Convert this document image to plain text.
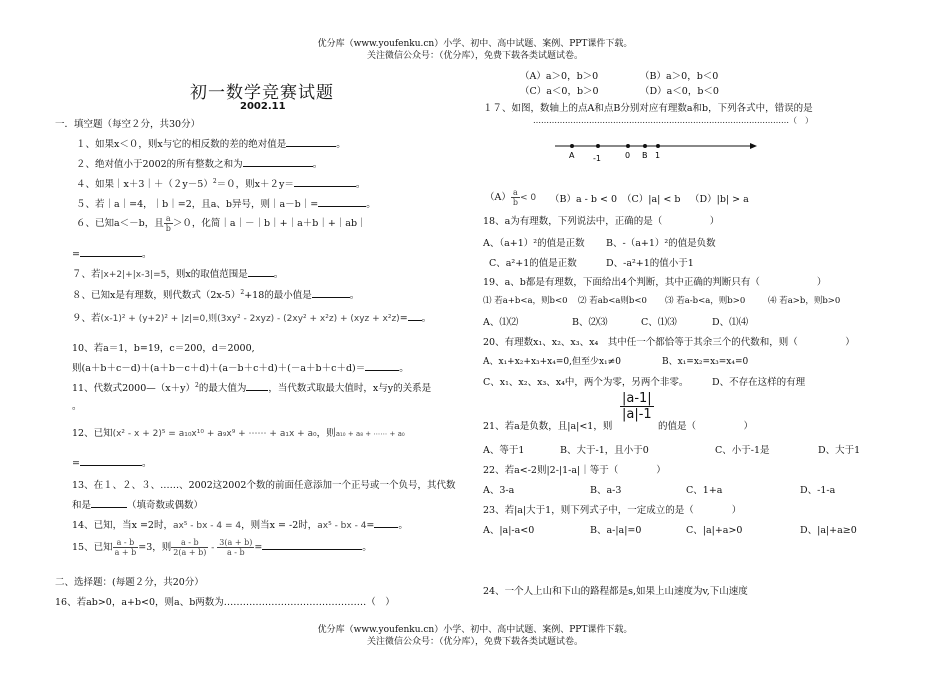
优分库（www.youfenku.cn）小学、初中、高中试题、案例、PPT课件下载。
关注微信公众号：（优分库），免费下载各类试题试卷。
初一数学竞赛试题
2002.11
一．填空题（每空２分，共30分）
１、如果x＜０，则x与它的相反数的差的绝对值是	。
２、绝对值小于2002的所有整数之和为	。
４、如果$|x+3|+(2y-5)^2=0$，则x＋２y＝	。
５、若｜a｜=4，｜b｜=2，且a、b异号，则｜a－b｜=	。
６、已知a＜－b，且 $\frac{a}{b} >0$，化简｜a｜－｜b｜+｜a＋b｜+｜ab｜
=	。
７、若|x+2|+|x-3|=5，则x的取值范围是	。
８、已知x是有理数，则代数式$(2x-5)^2+18$的最小值是	。
９、若(x-1)² + (y+2)² + |z|=0,则(3xy² - 2xyz) - (2xy² + x²z) + (xyz + x²z)= 。
10、若a＝1，b=19，c＝200，d＝2000,
则(a＋b＋c－d)＋(a＋b－c＋d)＋(a－b＋c＋d)＋(－a＋b＋c＋d)＝	。
11、代数式$2000—(x+y)^2$的最大值为 ，当代数式取最大值时，x与y的关系是
。
12、已知(x² - x + 2)⁵ = a₁₀x¹⁰ + a₉x⁹ + ⋯⋯ + a₁x + a₀，则a₁₀ + a₈ + ⋯⋯ + a₀
=	。
13、在１、２、３、……、2002这2002个数的前面任意添加一个正号或一个负号，其代数
和是	（填奇数或偶数）
14、已知，当x =2时，ax⁵ - bx - 4 = 4，则当x = -2时，ax⁵ - bx - 4=	。
15、已知 $\frac{a - b}{a + b} =3$，则 $\frac{a - b}{2(a + b)} - \frac{3(a + b)}{a - b}$ =	。
二、选择题：(每题２分，共20分）
16、若ab>0，a+b<0，则a、b两数为………………………………………（　）
（A）a＞0，b＞0	（B）a＞0，b＜0
（C）a＜0，b＞0	（D）a＜0，b＜0
１７、如图，数轴上的点A和点B分别对应有理数a和b，下列各式中，错误的是
……………………………………………………………………………………（　）
A -1	0 B 1
$(A) \frac{a}{b} < 0$ （B）a - b < 0 （C）|a| < b （D）|b| > a
18、a为有理数，下列说法中，正确的是（　　　　　）
A、（a+1）²的值是正数 B、-（a+1）²的值是负数
C、a²+1的值是正数	D、-a²+1的值小于1
19、a、b都是有理数，下面给出4个判断，其中正确的判断只有（　　　　　　）
⑴ 若a+b<a，则b<0 ⑵ 若ab<a则b<0 ⑶ 若a-b<a，则b>0	⑷ 若a>b，则b>0
A、⑴⑵	B、⑵⑶	C、⑴⑶	D、⑴⑷
20、有理数x₁、x₂、x₃、x₄　其中任一个都恰等于其余三个的代数和，则（　　　　　）
A、x₁+x₂+x₃+x₄=0,但至少x₁≠0	B、x₁=x₂=x₃=x₄=0
C、x₁、x₂、x₃、x₄中，两个为零，另两个非零。 D、不存在这样的有理
21、若a是负数，且|a|<1，则
|a-1|
|a|-1
的值是（　　　　　）
A、等于1	B、大于-1，且小于0	C、小于-1是	D、大于1
22、若a<-2则|2-|1-a|｜等于（　　　　）
A、3-a	B、a-3	C、1+a	D、-1-a
23、若|a|大于1，则下列式子中，一定成立的是（　　　　）
A、|a|-a<0	B、a-|a|=0	C、|a|+a>0	D、|a|+a≥0
24、一个人上山和下山的路程都是s,如果上山速度为v,下山速度
优分库（www.youfenku.cn）小学、初中、高中试题、案例、PPT课件下载。
关注微信公众号：（优分库），免费下载各类试题试卷。
